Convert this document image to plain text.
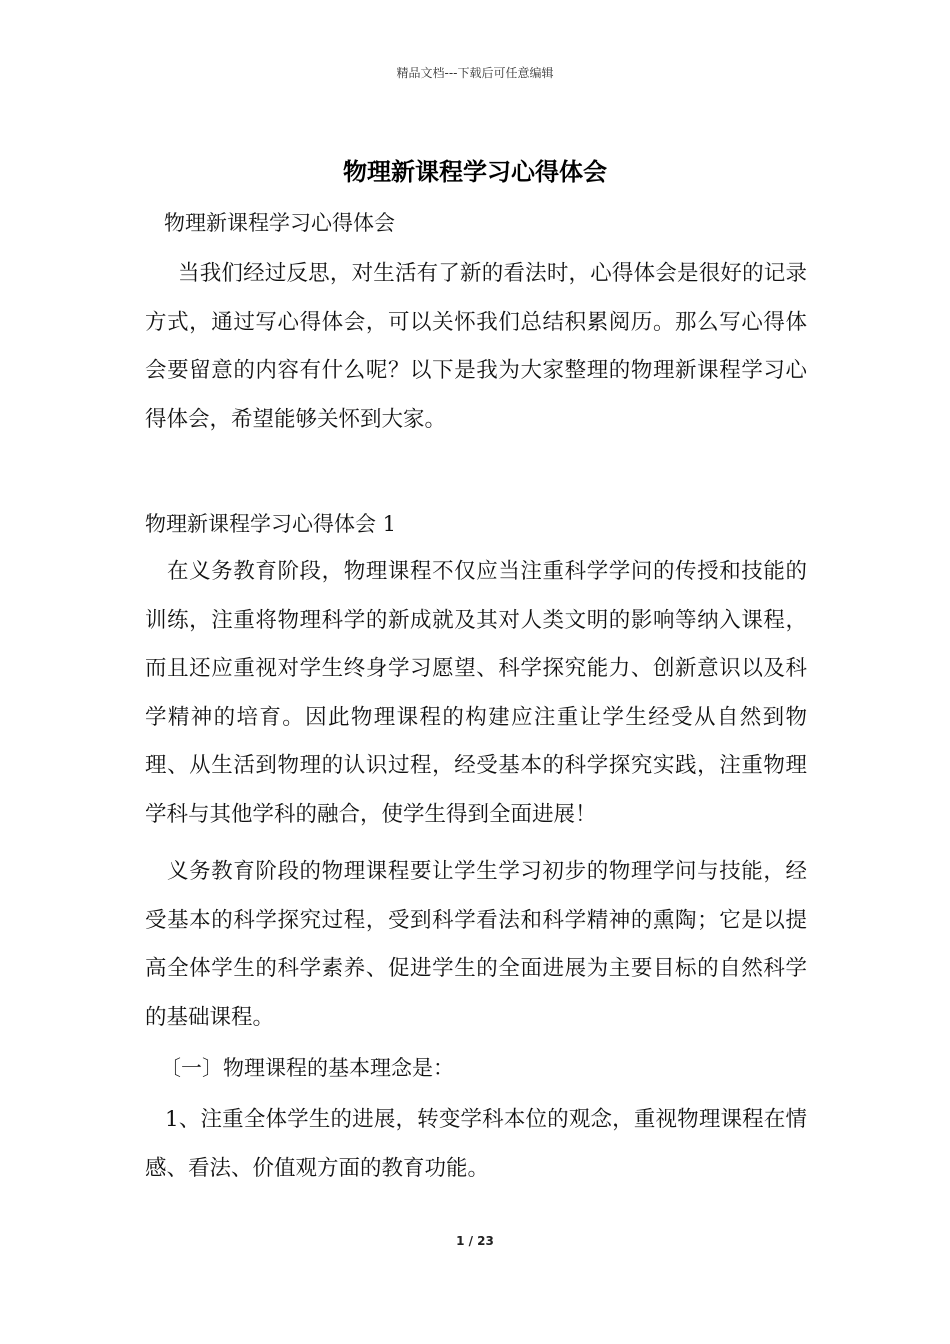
精品文档---下载后可任意编辑
物理新课程学习心得体会

物理新课程学习心得体会

当我们经过反思，对生活有了新的看法时，心得体会是很好的记录方式，通过写心得体会，可以关怀我们总结积累阅历。那么写心得体会要留意的内容有什么呢？以下是我为大家整理的物理新课程学习心得体会，希望能够关怀到大家。

物理新课程学习心得体会 1

在义务教育阶段，物理课程不仅应当注重科学学问的传授和技能的训练，注重将物理科学的新成就及其对人类文明的影响等纳入课程，而且还应重视对学生终身学习愿望、科学探究能力、创新意识以及科学精神的培育。因此物理课程的构建应注重让学生经受从自然到物理、从生活到物理的认识过程，经受基本的科学探究实践，注重物理学科与其他学科的融合，使学生得到全面进展！

义务教育阶段的物理课程要让学生学习初步的物理学问与技能，经受基本的科学探究过程，受到科学看法和科学精神的熏陶；它是以提高全体学生的科学素养、促进学生的全面进展为主要目标的自然科学的基础课程。

〔一〕物理课程的基本理念是：

1、注重全体学生的进展，转变学科本位的观念，重视物理课程在情感、看法、价值观方面的教育功能。

1 / 23
